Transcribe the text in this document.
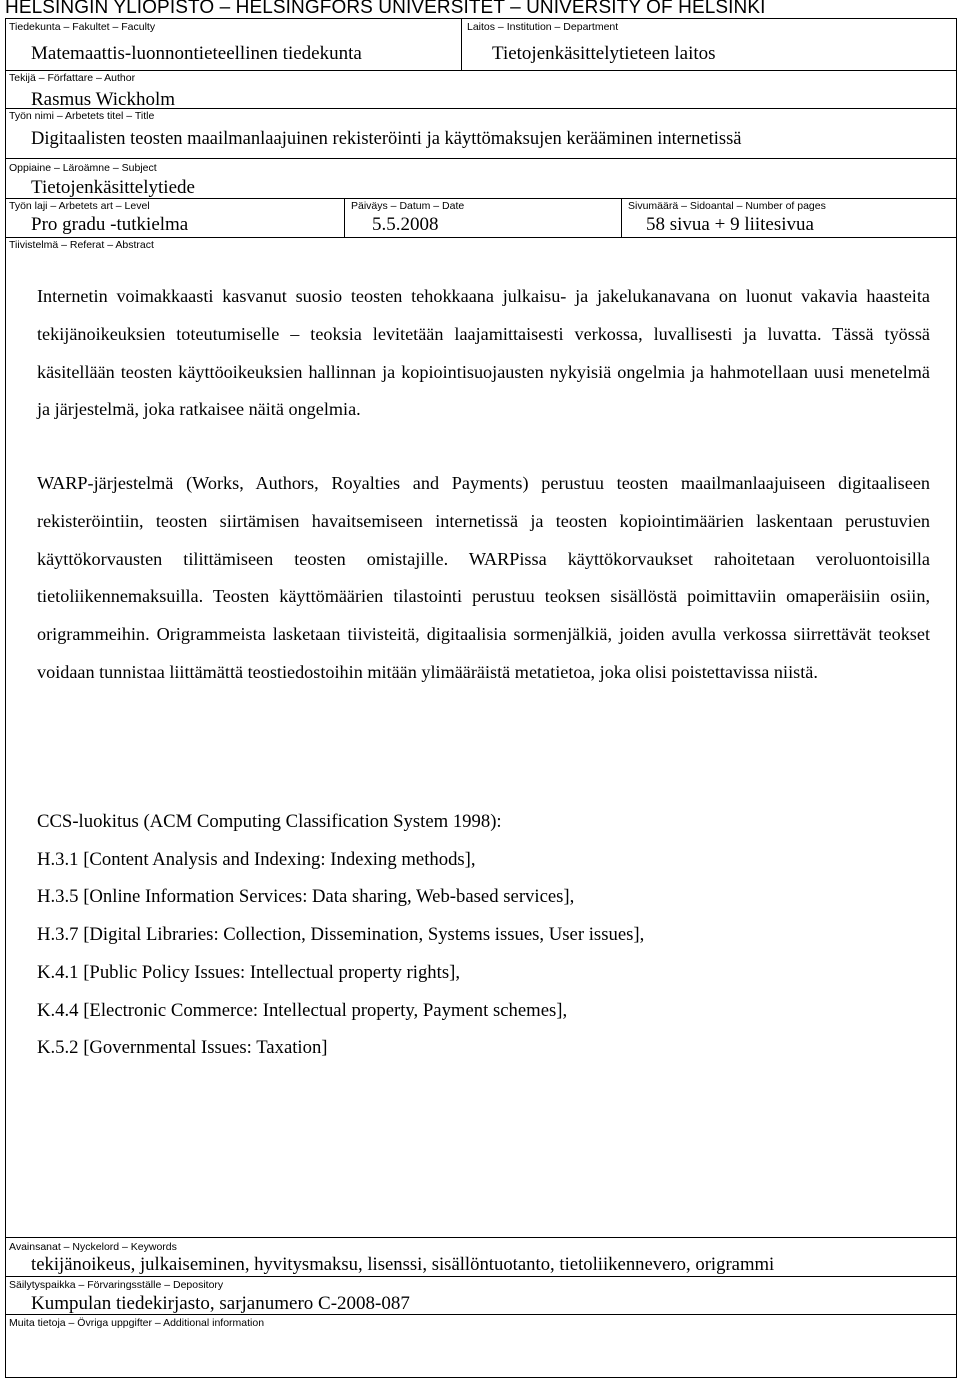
HELSINGIN YLIOPISTO – HELSINGFORS UNIVERSITET – UNIVERSITY OF HELSINKI
Tiedekunta – Fakultet – Faculty
Matemaattis-luonnontieteellinen tiedekunta
Laitos – Institution – Department
Tietojenkäsittelytieteen laitos
Tekijä – Författare – Author
Rasmus Wickholm
Työn nimi – Arbetets titel – Title
Digitaalisten teosten maailmanlaajuinen rekisteröinti ja käyttömaksujen kerääminen internetissä
Oppiaine – Läroämne – Subject
Tietojenkäsittelytiede
Työn laji – Arbetets art – Level
Pro gradu -tutkielma
Päiväys – Datum – Date
5.5.2008
Sivumäärä – Sidoantal – Number of pages
58 sivua + 9 liitesivua
Tiivistelmä – Referat – Abstract

Internetin voimakkaasti kasvanut suosio teosten tehokkaana julkaisu- ja jakelukanavana on luonut vakavia haasteita tekijänoikeuksien toteutumiselle – teoksia levitetään laajamittaisesti verkossa, luvallisesti ja luvatta. Tässä työssä käsitellään teosten käyttöoikeuksien hallinnan ja kopiointisuojausten nykyisiä ongelmia ja hahmotellaan uusi menetelmä ja järjestelmä, joka ratkaisee näitä ongelmia.

WARP-järjestelmä (Works, Authors, Royalties and Payments) perustuu teosten maailmanlaajuiseen digitaaliseen rekisteröintiin, teosten siirtämisen havaitsemiseen internetissä ja teosten kopiointimäärien laskentaan perustuvien käyttökorvausten tilittämiseen teosten omistajille. WARPissa käyttökorvaukset rahoitetaan veroluontoisilla tietoliikennemaksuilla. Teosten käyttömäärien tilastointi perustuu teoksen sisällöstä poimittaviin omaperäisiin osiin, origrammeihin. Origrammeista lasketaan tiivisteitä, digitaalisia sormenjälkiä, joiden avulla verkossa siirrettävät teokset voidaan tunnistaa liittämättä teostiedostoihin mitään ylimääräistä metatietoa, joka olisi poistettavissa niistä.

CCS-luokitus (ACM Computing Classification System 1998):
H.3.1 [Content Analysis and Indexing: Indexing methods],
H.3.5 [Online Information Services: Data sharing, Web-based services],
H.3.7 [Digital Libraries: Collection, Dissemination, Systems issues, User issues],
K.4.1 [Public Policy Issues: Intellectual property rights],
K.4.4 [Electronic Commerce: Intellectual property, Payment schemes],
K.5.2 [Governmental Issues: Taxation]
Avainsanat – Nyckelord – Keywords
tekijänoikeus, julkaiseminen, hyvitysmaksu, lisenssi, sisällöntuotanto, tietoliikennevero, origrammi
Säilytyspaikka – Förvaringsställe – Depository
Kumpulan tiedekirjasto, sarjanumero C-2008-087
Muita tietoja – Övriga uppgifter – Additional information
